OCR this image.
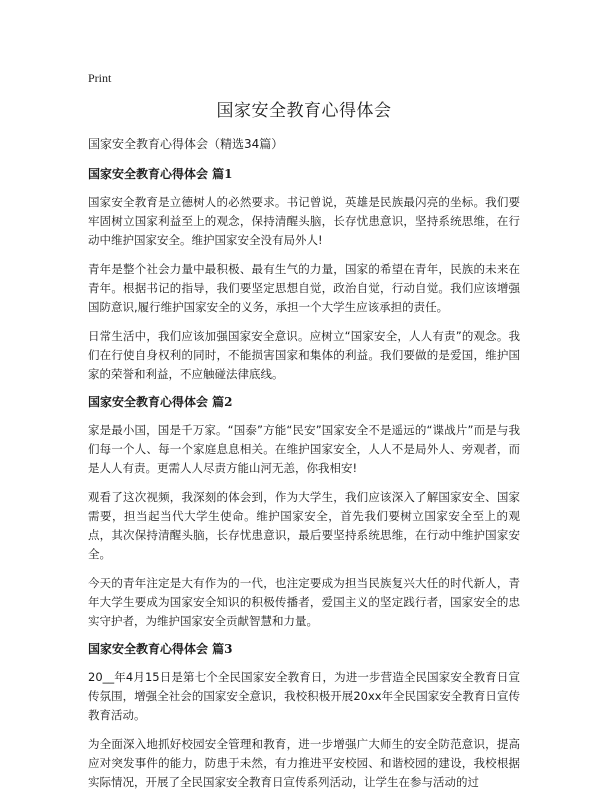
Print
国家安全教育心得体会
国家安全教育心得体会（精选34篇）
国家安全教育心得体会 篇1

国家安全教育是立德树人的必然要求。书记曾说，英雄是民族最闪亮的坐标。我们要牢固树立国家利益至上的观念，保持清醒头脑，长存忧患意识，坚持系统思维，在行动中维护国家安全。维护国家安全没有局外人!

青年是整个社会力量中最积极、最有生气的力量，国家的希望在青年，民族的未来在青年。根据书记的指导，我们要坚定思想自觉，政治自觉，行动自觉。我们应该增强国防意识,履行维护国家安全的义务，承担一个大学生应该承担的责任。

日常生活中，我们应该加强国家安全意识。应树立“国家安全，人人有责”的观念。我们在行使自身权利的同时，不能损害国家和集体的利益。我们要做的是爱国，维护国家的荣誉和利益，不应触碰法律底线。

国家安全教育心得体会 篇2

家是最小国，国是千万家。“国泰”方能“民安”国家安全不是遥远的“谍战片”而是与我们每一个人、每一个家庭息息相关。在维护国家安全，人人不是局外人、旁观者，而是人人有责。更需人人尽责方能山河无恙，你我相安!

观看了这次视频，我深刻的体会到，作为大学生，我们应该深入了解国家安全、国家需要，担当起当代大学生使命。维护国家安全，首先我们要树立国家安全至上的观点，其次保持清醒头脑，长存忧患意识，最后要坚持系统思维，在行动中维护国家安全。

今天的青年注定是大有作为的一代，也注定要成为担当民族复兴大任的时代新人，青年大学生要成为国家安全知识的积极传播者，爱国主义的坚定践行者，国家安全的忠实守护者，为维护国家安全贡献智慧和力量。

国家安全教育心得体会 篇3

20__年4月15日是第七个全民国家安全教育日，为进一步营造全民国家安全教育日宣传氛围，增强全社会的国家安全意识，我校积极开展20xx年全民国家安全教育日宣传教育活动。

为全面深入地抓好校园安全管理和教育，进一步增强广大师生的安全防范意识，提高应对突发事件的能力，防患于未然，有力推进平安校园、和谐校园的建设，我校根据实际情况，开展了全民国家安全教育日宣传系列活动，让学生在参与活动的过
